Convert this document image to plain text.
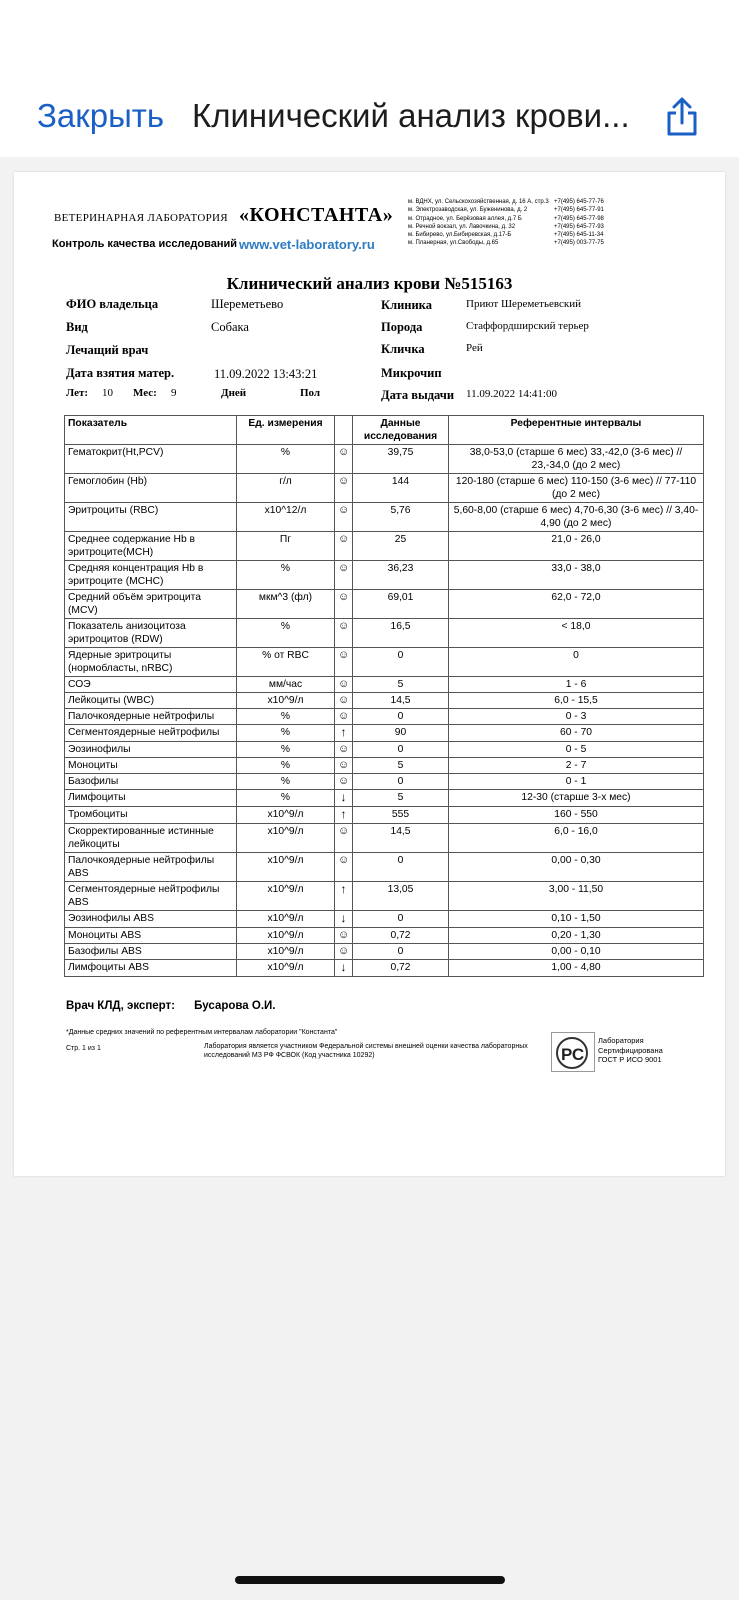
Закрыть Клинический анализ крови...
ВЕТЕРИНАРНАЯ ЛАБОРАТОРИЯ «КОНСТАНТА»
Контроль качества исследований www.vet-laboratory.ru
м. ВДНХ, ул. Сельскохозяйственная, д. 16 А, стр.3
м. Электрозаводская, ул. Буженинова, д. 2
м. Отрадное, ул. Берёзовая аллея, д.7 Б
м. Речной вокзал, ул. Лавочкина, д. 32
м. Бибирево, ул.Бибиревская, д.17-Б
м. Планерная, ул.Свободы, д.65
+7(495) 645-77-76
+7(495) 645-77-91
+7(495) 645-77-98
+7(495) 645-77-93
+7(495) 645-11-34
+7(495) 003-77-75
Клинический анализ крови №515163
ФИО владельца	Шереметьево	Клиника	Приют Шереметьевский
Вид	Собака	Порода	Стаффордширский терьер
Лечащий врач	Кличка	Рей
Дата взятия матер.	11.09.2022 13:43:21	Микрочип
Лет: 10 Мес: 9	Дней	Пол	Дата выдачи 11.09.2022 14:41:00
Показатель	Ед. измерения		Данные исследования	Референтные интервалы
Гематокрит(Ht,PCV)	%	☺	39,75	38,0-53,0 (старше 6 мес) 33,-42,0 (3-6 мес) // 23,-34,0 (до 2 мес)
Гемоглобин (Hb)	г/л	☺	144	120-180 (старше 6 мес) 110-150 (3-6 мес) // 77-110 (до 2 мес)
Эритроциты (RBC)	x10^12/л	☺	5,76	5,60-8,00 (старше 6 мес) 4,70-6,30 (3-6 мес) // 3,40-4,90 (до 2 мес)
Среднее содержание Hb в эритроците(MCH)	Пг	☺	25	21,0 - 26,0
Средняя концентрация Hb в эритроците (MCHC)	%	☺	36,23	33,0 - 38,0
Средний объём эритроцита (MCV)	мкм^3 (фл)	☺	69,01	62,0 - 72,0
Показатель анизоцитоза эритроцитов (RDW)	%	☺	16,5	< 18,0
Ядерные эритроциты (нормобласты, nRBC)	% от RBC	☺	0	0
СОЭ	мм/час	☺	5	1 - 6
Лейкоциты (WBC)	x10^9/л	☺	14,5	6,0 - 15,5
Палочкоядерные нейтрофилы	%	☺	0	0 - 3
Сегментоядерные нейтрофилы	%	↑	90	60 - 70
Эозинофилы	%	☺	0	0 - 5
Моноциты	%	☺	5	2 - 7
Базофилы	%	☺	0	0 - 1
Лимфоциты	%	↓	5	12-30 (старше 3-х мес)
Тромбоциты	x10^9/л	↑	555	160 - 550
Скорректированные истинные лейкоциты	x10^9/л	☺	14,5	6,0 - 16,0
Палочкоядерные нейтрофилы ABS	x10^9/л	☺	0	0,00 - 0,30
Сегментоядерные нейтрофилы ABS	x10^9/л	↑	13,05	3,00 - 11,50
Эозинофилы ABS	x10^9/л	↓	0	0,10 - 1,50
Моноциты ABS	x10^9/л	☺	0,72	0,20 - 1,30
Базофилы ABS	x10^9/л	☺	0	0,00 - 0,10
Лимфоциты ABS	x10^9/л	↓	0,72	1,00 - 4,80
Врач КЛД, эксперт:      Бусарова О.И.
*Данные средних значений по референтным интервалам лаборатории "Константа"
Стр. 1 из 1	Лаборатория является участником Федеральной системы внешней оценки качества лабораторных исследований МЗ РФ ФСВОК (Код участника 10292)	РС
Лаборатория
Сертифицирована
ГОСТ Р ИСО 9001
